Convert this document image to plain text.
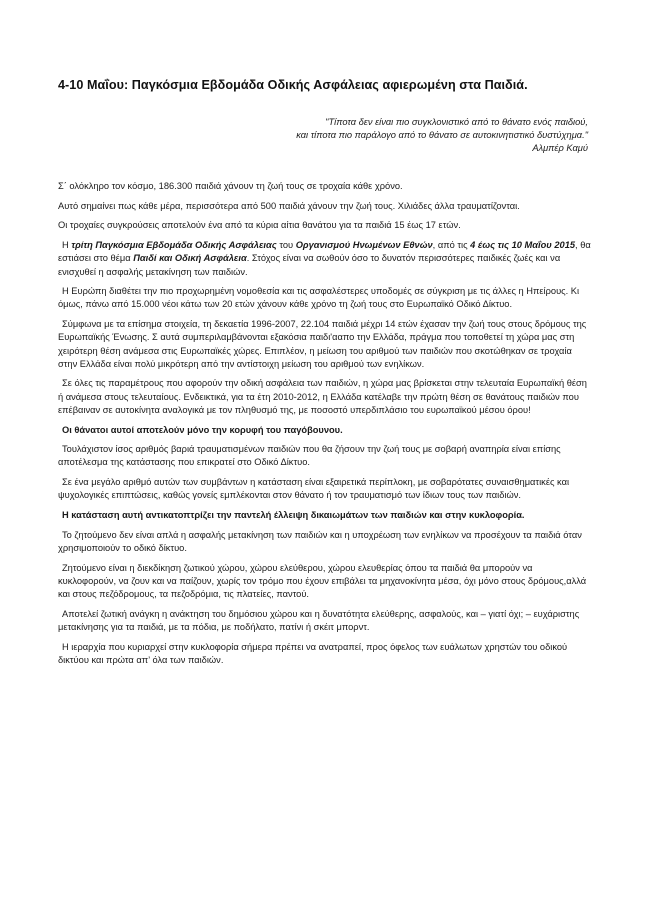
4-10 Μαΐου: Παγκόσμια Εβδομάδα Οδικής Ασφάλειας αφιερωμένη στα Παιδιά.
"Τίποτα δεν είναι πιο συγκλονιστικό από το θάνατο ενός παιδιού,
και τίποτα πιο παράλογο από το θάνατο σε αυτοκινητιστικό δυστύχημα."
Αλμπέρ Καμύ

Σ΄ ολόκληρο τον κόσμο, 186.300 παιδιά χάνουν τη ζωή τους σε τροχαία κάθε χρόνο.

Αυτό σημαίνει πως κάθε μέρα, περισσότερα από 500 παιδιά χάνουν την ζωή τους. Χιλιάδες άλλα τραυματίζονται.

Οι τροχαίες συγκρούσεις αποτελούν ένα από τα κύρια αίτια θανάτου για τα παιδιά 15 έως 17 ετών.

Η τρίτη Παγκόσμια Εβδομάδα Οδικής Ασφάλειας του Οργανισμού Ηνωμένων Εθνών, από τις 4 έως τις 10 Μαΐου 2015, θα εστιάσει στο θέμα Παιδί και Οδική Ασφάλεια. Στόχος είναι να σωθούν όσο το δυνατόν περισσότερες παιδικές ζωές και να ενισχυθεί η ασφαλής μετακίνηση των παιδιών.

Η Ευρώπη διαθέτει την πιο προχωρημένη νομοθεσία και τις ασφαλέστερες υποδομές σε σύγκριση με τις άλλες η Ηπείρους. Κι όμως, πάνω από 15.000 νέοι κάτω των 20 ετών χάνουν κάθε χρόνο τη ζωή τους στο Ευρωπαϊκό Οδικό Δίκτυο.

Σύμφωνα με τα επίσημα στοιχεία, τη δεκαετία 1996-2007, 22.104 παιδιά μέχρι 14 ετών έχασαν την ζωή τους στους δρόμους της Ευρωπαϊκής Ένωσης. Σ αυτά συμπεριλαμβάνονται εξακόσια παιδι'ααπο την Ελλάδα, πράγμα που τοποθετεί τη χώρα μας στη χειρότερη θέση ανάμεσα στις Ευρωπαϊκές χώρες. Επιπλέον, η μείωση του αριθμού των παιδιών που σκοτώθηκαν σε τροχαία στην Ελλάδα είναι πολύ μικρότερη από την αντίστοιχη μείωση του αριθμού των ενηλίκων.

Σε όλες τις παραμέτρους που αφορούν την οδική ασφάλεια των παιδιών, η χώρα μας βρίσκεται στην τελευταία Ευρωπαϊκή θέση ή ανάμεσα στους τελευταίους. Ενδεικτικά, για τα έτη 2010-2012, η Ελλάδα κατέλαβε την πρώτη θέση σε θανάτους παιδιών που επέβαιναν σε αυτοκίνητα αναλογικά με τον πληθυσμό της, με ποσοστό υπερδιπλάσιο του ευρωπαϊκού μέσου όρου!

Οι θάνατοι αυτοί αποτελούν μόνο την κορυφή του παγόβουνου.

Τουλάχιστον ίσος αριθμός βαριά τραυματισμένων παιδιών που θα ζήσουν την ζωή τους με σοβαρή αναπηρία είναι επίσης αποτέλεσμα της κατάστασης που επικρατεί στο Οδικό Δίκτυο.

Σε ένα μεγάλο αριθμό αυτών των συμβάντων η κατάσταση είναι εξαιρετικά περίπλοκη, με σοβαρότατες συναισθηματικές και ψυχολογικές επιπτώσεις, καθώς γονείς εμπλέκονται στον θάνατο ή τον τραυματισμό των ίδιων τους των παιδιών.

Η κατάσταση αυτή αντικατοπτρίζει την παντελή έλλειψη δικαιωμάτων των παιδιών και στην κυκλοφορία.

Το ζητούμενο δεν είναι απλά η ασφαλής μετακίνηση των παιδιών και η υποχρέωση των ενηλίκων να προσέχουν τα παιδιά όταν χρησιμοποιούν το οδικό δίκτυο.

Ζητούμενο είναι η διεκδίκηση ζωτικού χώρου, χώρου ελεύθερου, χώρου ελευθερίας όπου τα παιδιά θα μπορούν να κυκλοφορούν, να ζουν και να παίζουν, χωρίς τον τρόμο που έχουν επιβάλει τα μηχανοκίνητα μέσα, όχι μόνο στους δρόμους,αλλά και στους πεζόδρομους, τα πεζοδρόμια, τις πλατείες, παντού.

Αποτελεί ζωτική ανάγκη η ανάκτηση του δημόσιου χώρου και η δυνατότητα ελεύθερης, ασφαλούς, και – γιατί όχι; – ευχάριστης μετακίνησης για τα παιδιά, με τα πόδια, με ποδήλατο, πατίνι ή σκέιτ μπορντ.

Η ιεραρχία που κυριαρχεί στην κυκλοφορία σήμερα πρέπει να ανατραπεί, προς όφελος των ευάλωτων χρηστών του οδικού δικτύου και πρώτα απ’ όλα των παιδιών.
